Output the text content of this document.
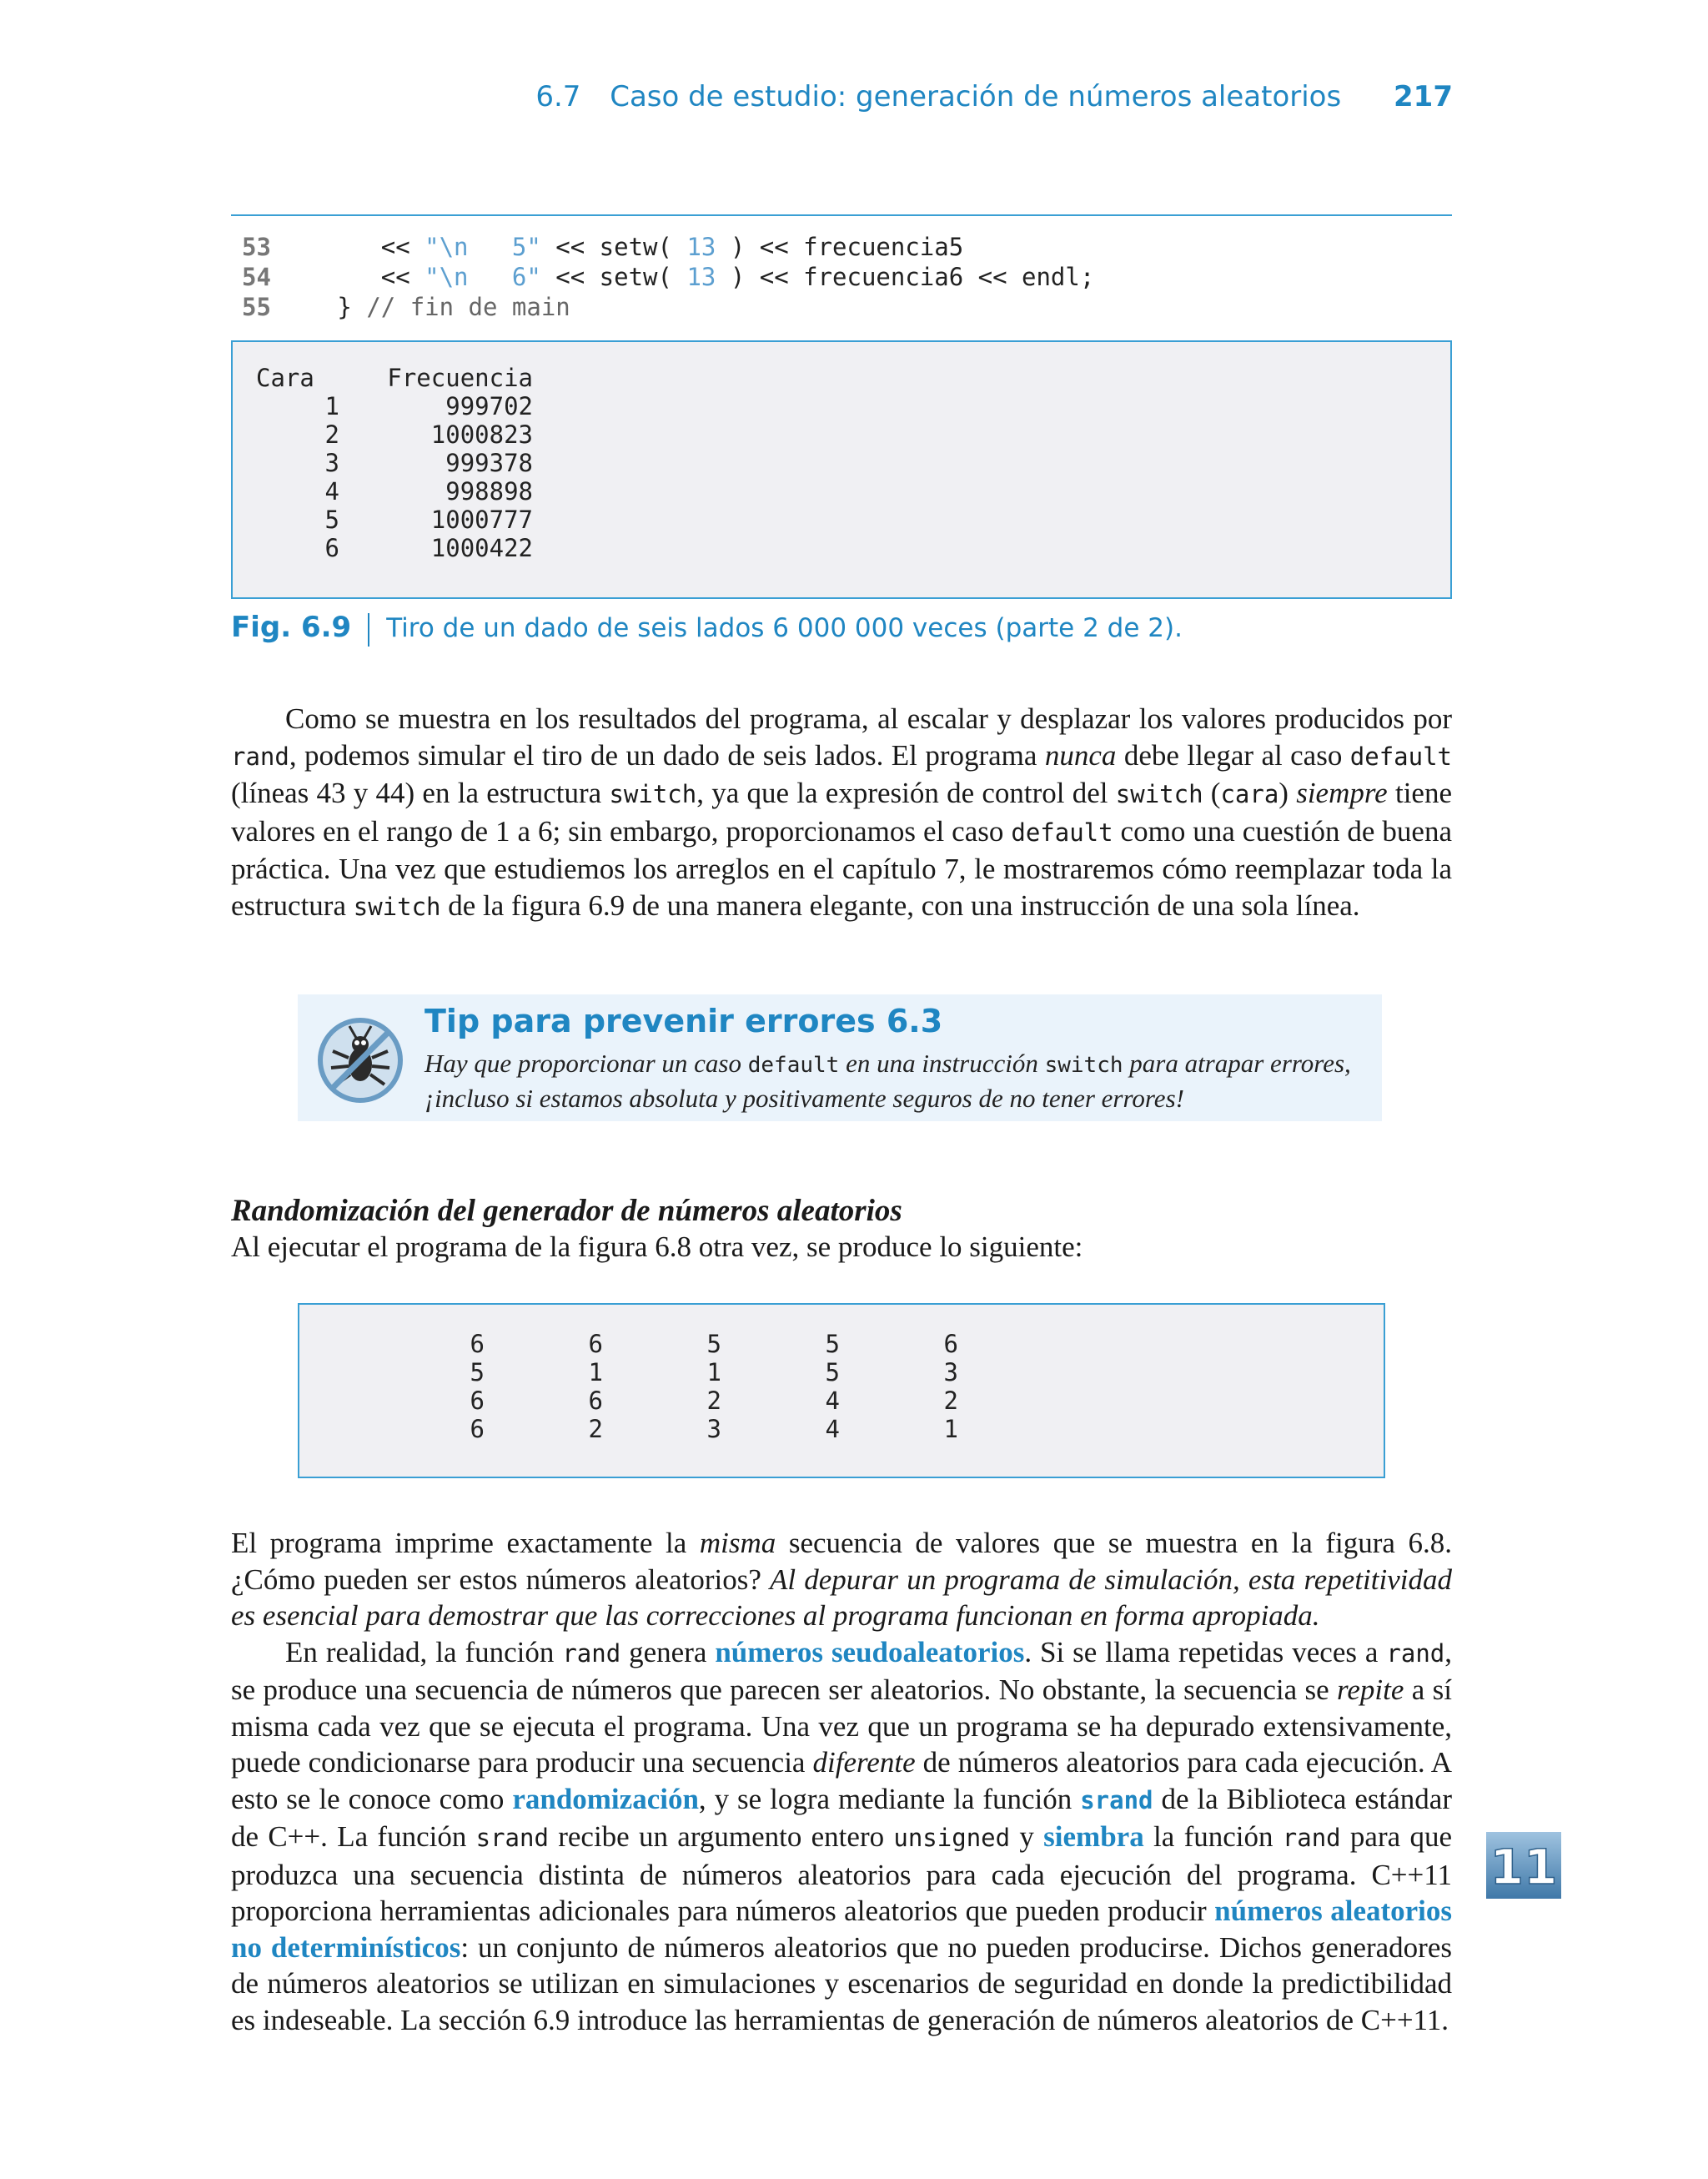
6.7 Caso de estudio: generación de números aleatorios 217
53      << "\n   5" << setw( 13 ) << frecuencia5
54      << "\n   6" << setw( 13 ) << frecuencia6 << endl;
55   } // fin de main
Cara	Frecuencia
1	999702
2	1000823
3	999378
4	998898
5	1000777
6	1000422
Fig. 6.9 Tiro de un dado de seis lados 6 000 000 veces (parte 2 de 2).
Como se muestra en los resultados del programa, al escalar y desplazar los valores producidos por rand, podemos simular el tiro de un dado de seis lados. El programa nunca debe llegar al caso default (líneas 43 y 44) en la estructura switch, ya que la expresión de control del switch (cara) siempre tiene valores en el rango de 1 a 6; sin embargo, proporcionamos el caso default como una cuestión de buena práctica. Una vez que estudiemos los arreglos en el capítulo 7, le mostraremos cómo reemplazar toda la estructura switch de la figura 6.9 de una manera elegante, con una instrucción de una sola línea.
Tip para prevenir errores 6.3
Hay que proporcionar un caso default en una instrucción switch para atrapar errores, ¡incluso si estamos absoluta y positivamente seguros de no tener errores!
Randomización del generador de números aleatorios
Al ejecutar el programa de la figura 6.8 otra vez, se produce lo siguiente:
6	6	5	5	6
5	1	1	5	3
6	6	2	4	2
6	2	3	4	1
El programa imprime exactamente la misma secuencia de valores que se muestra en la figura 6.8. ¿Cómo pueden ser estos números aleatorios? Al depurar un programa de simulación, esta repetitividad es esencial para demostrar que las correcciones al programa funcionan en forma apropiada.
En realidad, la función rand genera números seudoaleatorios. Si se llama repetidas veces a rand, se produce una secuencia de números que parecen ser aleatorios. No obstante, la secuencia se repite a sí misma cada vez que se ejecuta el programa. Una vez que un programa se ha depurado extensivamente, puede condicionarse para producir una secuencia diferente de números aleatorios para cada ejecución. A esto se le conoce como randomización, y se logra mediante la función srand de la Biblioteca estándar de C++. La función srand recibe un argumento entero unsigned y siembra la función rand para que produzca una secuencia distinta de números aleatorios para cada ejecución del programa. C++11 proporciona herramientas adicionales para números aleatorios que pueden producir números aleatorios no determinísticos: un conjunto de números aleatorios que no pueden producirse. Dichos generadores de números aleatorios se utilizan en simulaciones y escenarios de seguridad en donde la predictibilidad es indeseable. La sección 6.9 introduce las herramientas de generación de números aleatorios de C++11.
11
